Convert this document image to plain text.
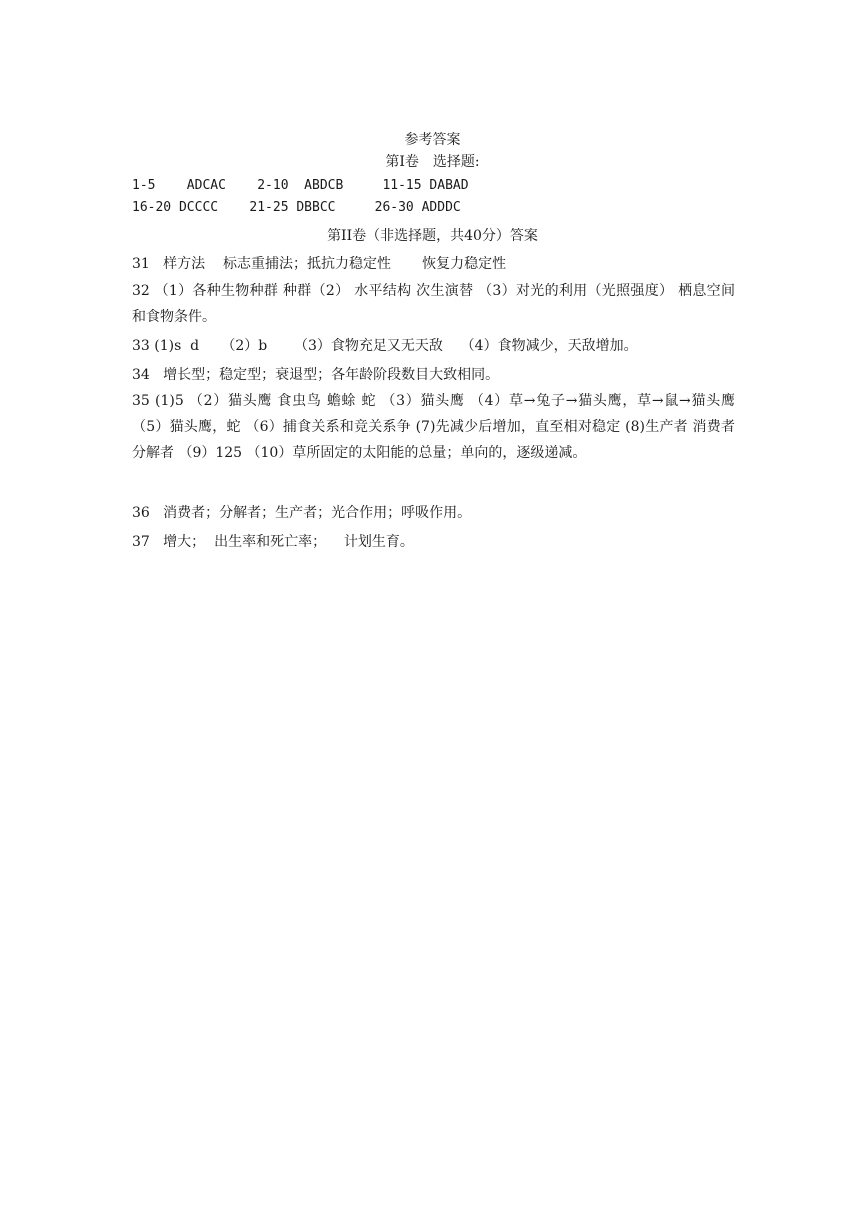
参考答案
第Ⅰ卷　选择题:
1-5    ADCAC    2-10  ABDCB     11-15 DABAD
16-20 DCCCC    21-25 DBBCC     26-30 ADDDC
第II卷（非选择题，共40分）答案
31   样方法    标志重捕法；抵抗力稳定性       恢复力稳定性
32 （1）各种生物种群 种群（2） 水平结构 次生演替 （3）对光的利用（光照强度） 栖息空间和食物条件。
33 (1)s  d     （2）b      （3）食物充足又无天敌    （4）食物减少，天敌增加。
34   增长型；稳定型；衰退型；各年龄阶段数目大致相同。
35 (1)5 （2）猫头鹰 食虫鸟 蟾蜍 蛇 （3）猫头鹰 （4）草→兔子→猫头鹰，草→鼠→猫头鹰 （5）猫头鹰，蛇 （6）捕食关系和竞关系争 (7)先减少后增加，直至相对稳定 (8)生产者 消费者 分解者 （9）125 （10）草所固定的太阳能的总量；单向的，逐级递减。
36   消费者；分解者；生产者；光合作用；呼吸作用。
37   增大；  出生率和死亡率；    计划生育。
